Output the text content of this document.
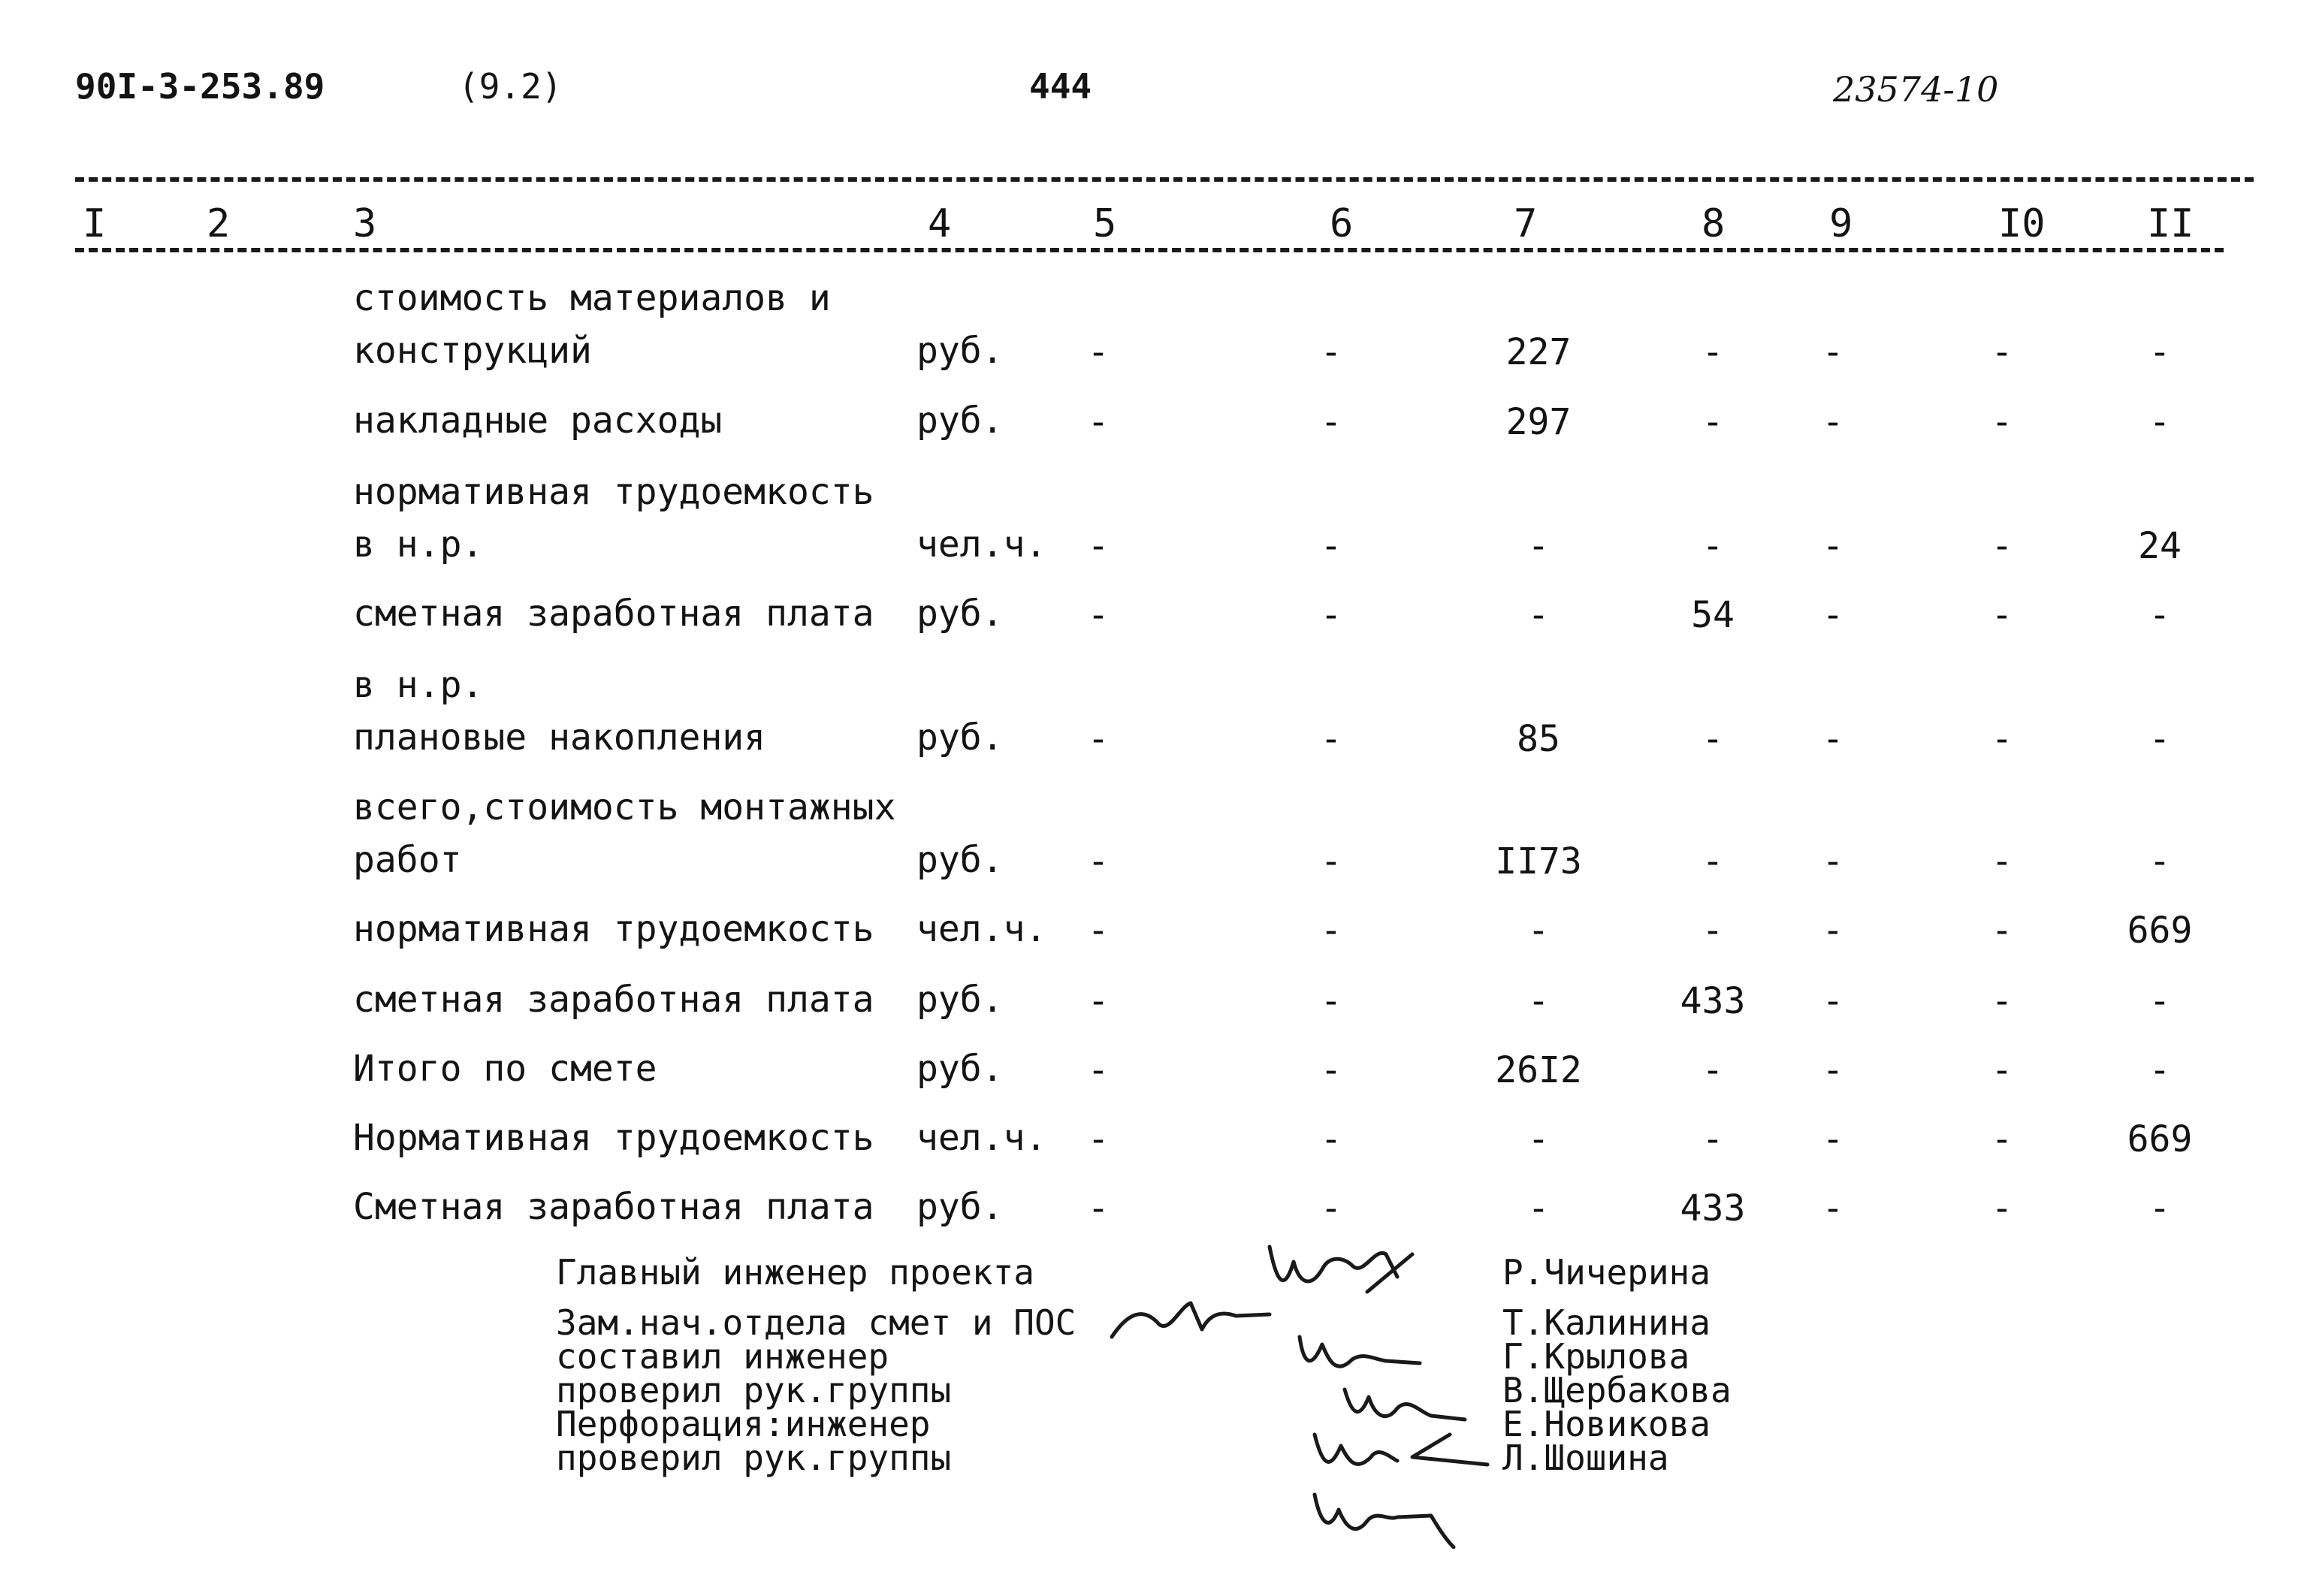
90I-3-253.89	(9.2)	444	23574-10
I	2	3	4	5	6	7	8	9	I0	II
стоимость материалов и
конструкций	руб.	-	-	227	-	-	-	-
накладные расходы	руб.	-	-	297	-	-	-	-
нормативная трудоемкость
в н.р.	чел.ч.	-	-	-	-	-	-	24
сметная заработная плата руб.	-	-	-	54	-	-	-
в н.р.
плановые накопления	руб.	-	-	85	-	-	-	-
всего,стоимость монтажных
работ	руб.	-	-	II73	-	-	-	-
нормативная трудоемкость чел.ч.	-	-	-	-	-	-	669
сметная заработная плата руб.	-	-	-	433	-	-	-
Итого по смете	руб.	-	-	26I2	-	-	-	-
Нормативная трудоемкость чел.ч.	-	-	-	-	-	-	669
Сметная заработная плата руб.	-	-	-	433	-	-	-
Главный инженер проекта
Зам.нач.отдела смет и ПОС
составил инженер
проверил рук.группы
Перфорация:инженер
проверил рук.группы
Р.Чичерина
Т.Калинина
Г.Крылова
В.Щербакова
Е.Новикова
Л.Шошина
